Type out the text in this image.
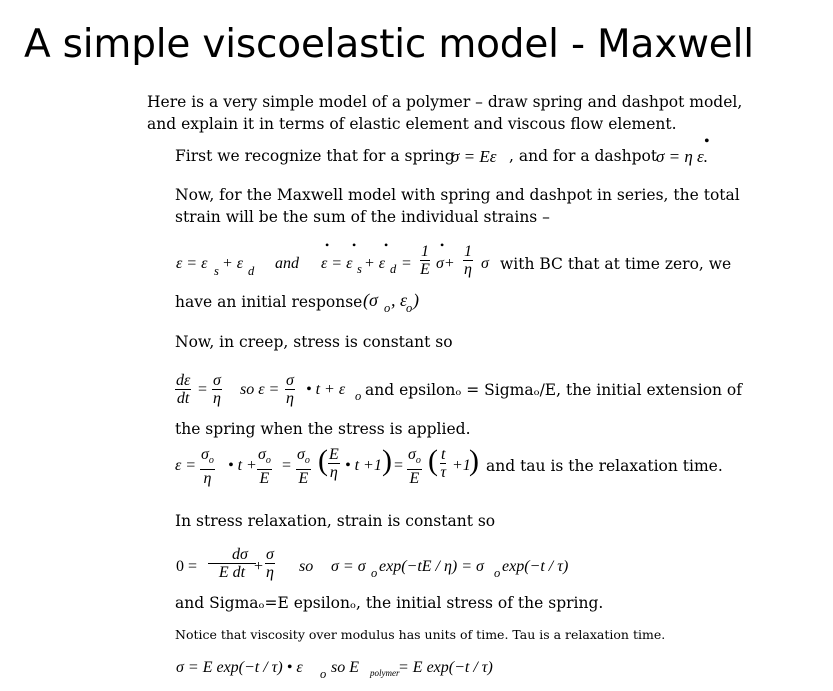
A simple viscoelastic model - Maxwell
Here is a very simple model of a polymer – draw spring and dashpot model,
and explain it in terms of elastic element and viscous flow element.
First we recognize that for a spring
σ = Eε , and for a dashpot
σ = η ε.
•
Now, for the Maxwell model with spring and dashpot in series, the total
strain will be the sum of the individual strains –
ε = ε s + ε d and ε = ε s + ε d
• • •
= $\frac{1}{E}$ •
$\sigma+ \frac{1}{\eta}$ σ with BC that at time zero, we
have an initial response (σ o , ε
o )
Now, in creep, stress is constant so
$\frac{d\varepsilon}{dt} = \frac{\sigma}{\eta}$ so $\varepsilon = \frac{\sigma}{\eta}$ • t + ε o and epsilonₒ = Sigmaₒ/E, the initial extension of
the spring when the stress is applied.
$\varepsilon = \frac{\sigma_o}{\eta}$ • $t + \frac{\sigma_o}{E} = \frac{\sigma_o}{E}$ ( $\frac{E}{\eta}$ • t +1 ) = $\frac{\sigma_o}{E}$ ( $\frac{t}{\tau} +1$
) and tau is the relaxation time.
In stress relaxation, strain is constant so
$0 = \frac{d\sigma}{\text{E dt}}$
+ $\frac{\sigma}{\eta}$ so σ = σ o exp(−tE / η) = σ o exp(−t / τ)
and Sigmaₒ=E epsilonₒ, the initial stress of the spring.
Notice that viscosity over modulus has units of time. Tau is a relaxation time.
σ = E exp(−t / τ) • ε o so E polymer
= E exp(−t / τ)
